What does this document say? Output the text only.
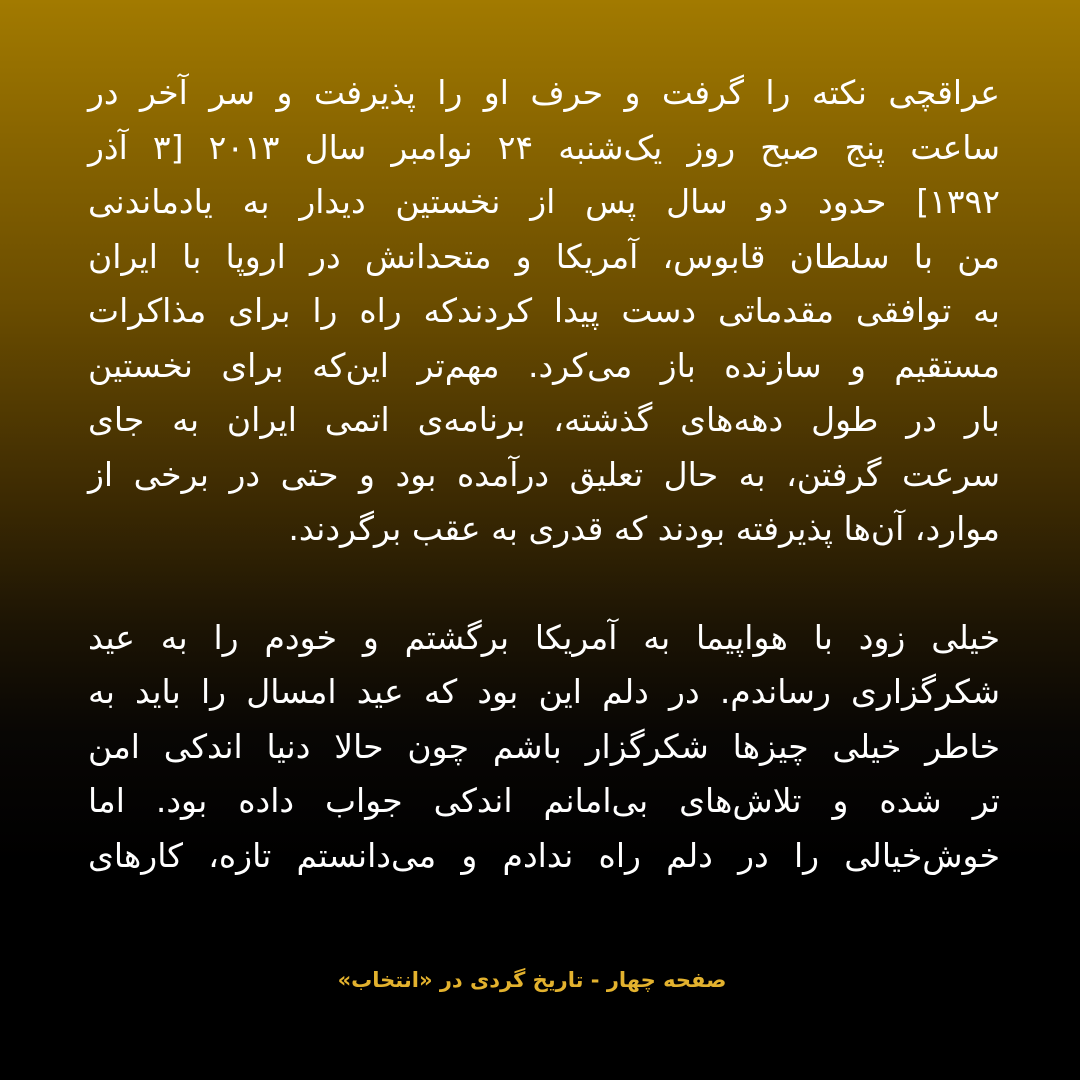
عراقچی نکته را گرفت و حرف او را پذیرفت و سر آخر در
ساعت پنج صبح روز یک‌شنبه ۲۴ نوامبر سال ۲۰۱۳ [۳ آذر
۱۳۹۲] حدود دو سال پس از نخستین دیدار به یادماندنی
من با سلطان قابوس، آمریکا و متحدانش در اروپا با ایران
به توافقی مقدماتی دست پیدا کردندکه راه را برای مذاکرات
مستقیم و سازنده باز می‌کرد. مهم‌تر این‌که برای نخستین
بار در طول دهه‌های گذشته، برنامه‌ی اتمی ایران به جای
سرعت گرفتن، به حال تعلیق درآمده بود و حتی در برخی از
موارد، آن‌ها پذیرفته بودند که قدری به عقب برگردند.

خیلی زود با هواپیما به آمریکا برگشتم و خودم را به عید
شکرگزاری رساندم. در دلم این بود که عید امسال را باید به
خاطر خیلی چیزها شکرگزار باشم چون حالا دنیا اندکی امن
تر شده و تلاش‌های بی‌امانم اندکی جواب داده بود. اما
خوش‌خیالی را در دلم راه ندادم و می‌دانستم تازه، کارهای

صفحه چهار - تاریخ گردی در «انتخاب»
